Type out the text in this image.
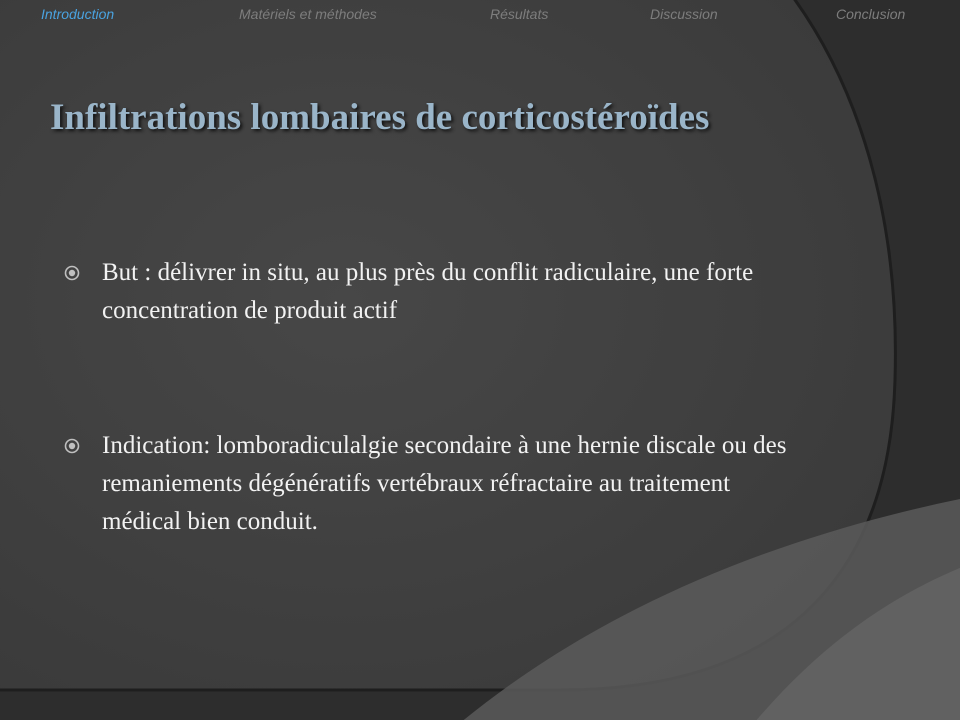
Introduction	Matériels et méthodes	Résultats	Discussion	Conclusion
Infiltrations lombaires de corticostéroïdes
But : délivrer in situ, au plus près du conflit radiculaire, une forte concentration de produit actif
Indication: lomboradiculalgie secondaire à une hernie discale ou des remaniements dégénératifs vertébraux réfractaire au traitement médical bien conduit.
